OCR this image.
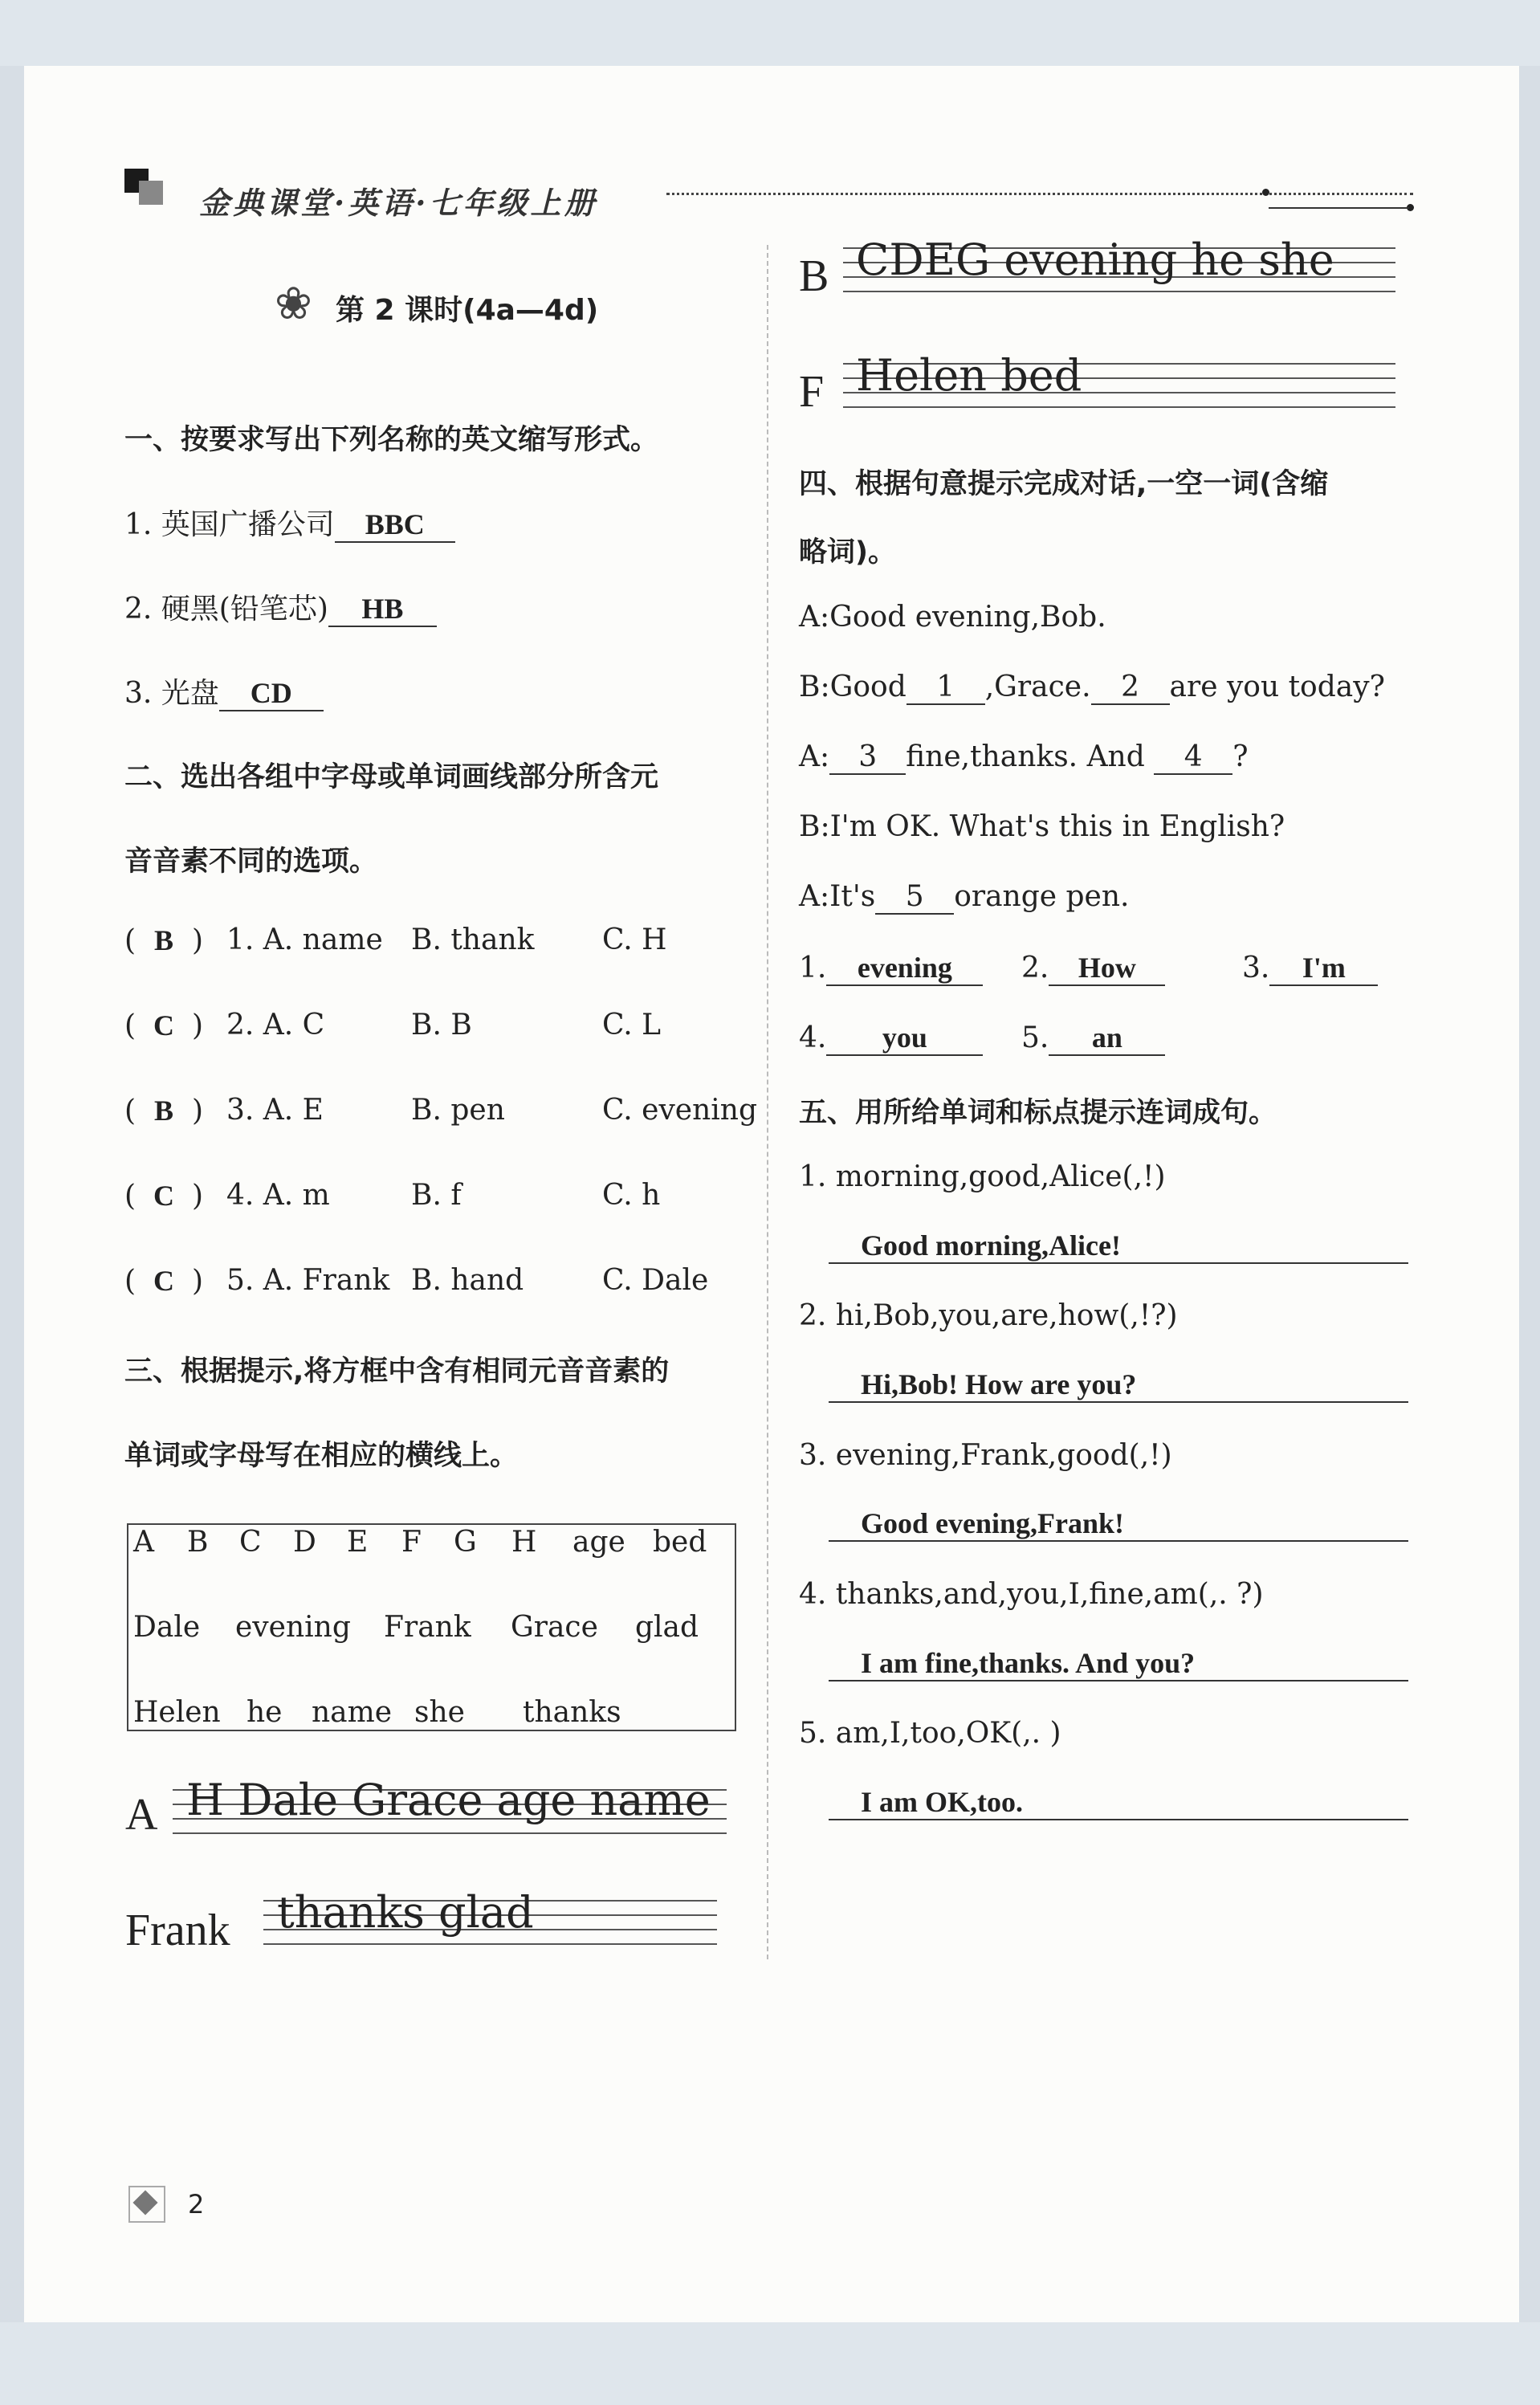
金典课堂·英语·七年级上册
❀ 第 2 课时(4a—4d)
一、按要求写出下列名称的英文缩写形式。
1. 英国广播公司 BBC
2. 硬黑(铅笔芯) HB
3. 光盘 CD
二、选出各组中字母或单词画线部分所含元
音音素不同的选项。
( B ) 1. A. name B. thank C. H
( C ) 2. A. C	B. B	C. L
( B ) 3. A. E	B. pen	C. evening
( C ) 4. A. m	B. f	C. h
( C ) 5. A. Frank B. hand	C. Dale
三、根据提示,将方框中含有相同元音音素的
单词或字母写在相应的横线上。
A B C D E F G H age bed
Dale evening Frank Grace glad
Helen he name she thanks
A H Dale Grace age name
Frank thanks glad
B CDEG evening he she
F Helen bed
四、根据句意提示完成对话,一空一词(含缩
略词)。
A:Good evening,Bob.
B:Good 1 ,Grace. 2 are you today?
A: 3 fine,thanks. And 4 ?
B:I'm OK. What's this in English?
A:It's 5 orange pen.
1. evening	2. How	3. I'm
4. you	5. an
五、用所给单词和标点提示连词成句。
1. morning,good,Alice(,!)
Good morning,Alice!
2. hi,Bob,you,are,how(,!?)
Hi,Bob! How are you?
3. evening,Frank,good(,!)
Good evening,Frank!
4. thanks,and,you,I,fine,am(,. ?)
I am fine,thanks. And you?
5. am,I,too,OK(,. )
I am OK,too.
2
